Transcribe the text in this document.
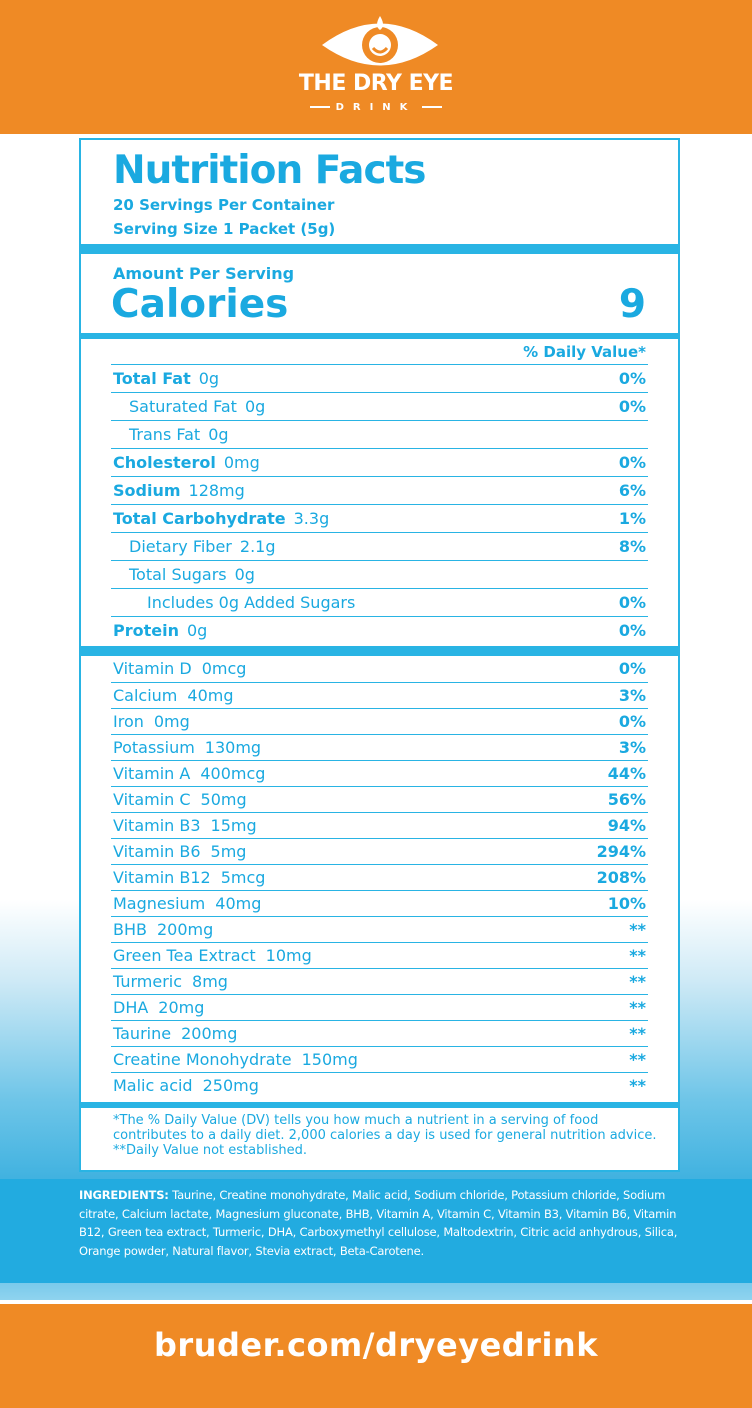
THE DRY EYE
DRINK
Nutrition Facts
20 Servings Per Container
Serving Size 1 Packet (5g)
Amount Per Serving
Calories	9
% Daily Value*
Total Fat 0g	0%
Saturated Fat 0g	0%
Trans Fat 0g
Cholesterol 0mg	0%
Sodium 128mg	6%
Total Carbohydrate 3.3g	1%
Dietary Fiber 2.1g	8%
Total Sugars 0g
Includes 0g Added Sugars	0%
Protein 0g	0%
Vitamin D 0mcg	0%
Calcium 40mg	3%
Iron 0mg	0%
Potassium 130mg	3%
Vitamin A 400mcg	44%
Vitamin C 50mg	56%
Vitamin B3 15mg	94%
Vitamin B6 5mg	294%
Vitamin B12 5mcg	208%
Magnesium 40mg	10%
BHB 200mg	**
Green Tea Extract 10mg	**
Turmeric 8mg	**
DHA 20mg	**
Taurine 200mg	**
Creatine Monohydrate 150mg	**
Malic acid 250mg	**
*The % Daily Value (DV) tells you how much a nutrient in a serving of food
contributes to a daily diet. 2,000 calories a day is used for general nutrition advice.
**Daily Value not established.
INGREDIENTS: Taurine, Creatine monohydrate, Malic acid, Sodium chloride, Potassium chloride, Sodium citrate, Calcium lactate, Magnesium gluconate, BHB, Vitamin A, Vitamin C, Vitamin B3, Vitamin B6, Vitamin B12, Green tea extract, Turmeric, DHA, Carboxymethyl cellulose, Maltodextrin, Citric acid anhydrous, Silica, Orange powder, Natural flavor, Stevia extract, Beta-Carotene.
bruder.com/dryeyedrink
